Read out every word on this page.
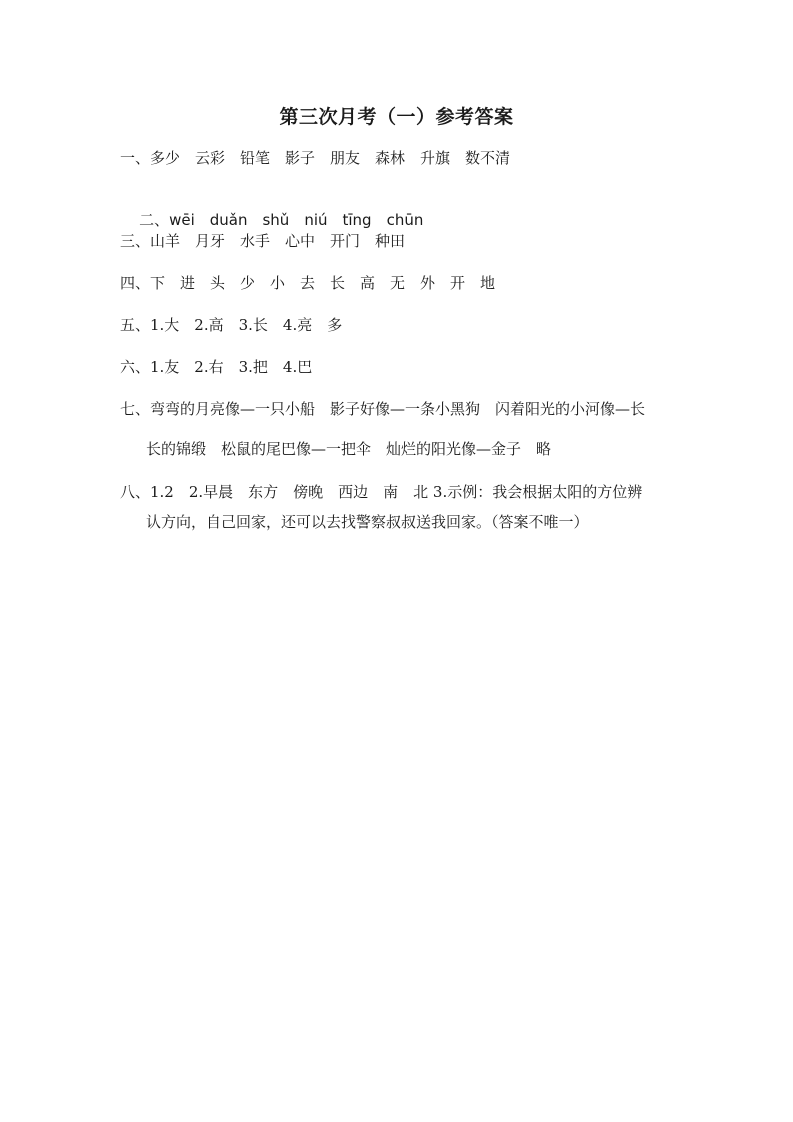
第三次月考（一）参考答案
一、多少　云彩　铅笔　影子　朋友　森林　升旗　数不清

二、wēi　duǎn　shǔ　niú　tīng　chūn

三、山羊　月牙　水手　心中　开门　种田
四、下　进　头　少　小　去　长　高　无　外　开　地
五、1.大　2.高　3.长　4.亮　多
六、1.友　2.右　3.把　4.巴
七、弯弯的月亮像—一只小船　影子好像—一条小黑狗　闪着阳光的小河像—长
长的锦缎　松鼠的尾巴像—一把伞　灿烂的阳光像—金子　略
八、1.2　2.早晨　东方　傍晚　西边　南　北 3.示例：我会根据太阳的方位辨
认方向，自己回家，还可以去找警察叔叔送我回家。（答案不唯一）
